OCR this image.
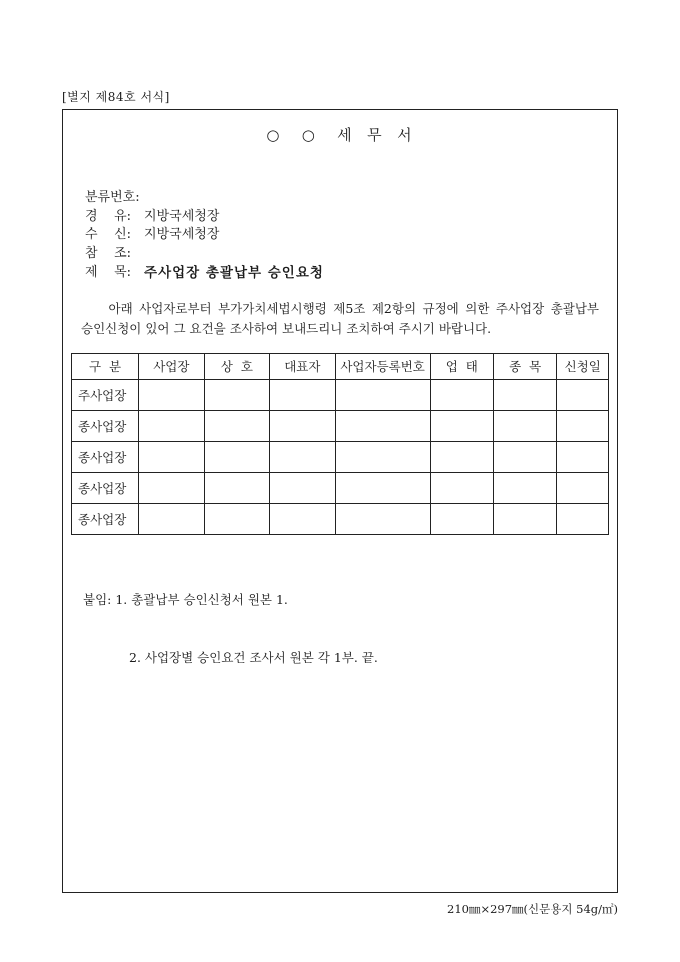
[별지 제84호 서식]
○   ○   세  무  서
분류번호:
경    유: 지방국세청장
수    신: 지방국세청장
참    조:
제    목: 주사업장 총괄납부 승인요청

아래 사업자로부터 부가가치세법시행령 제5조 제2항의 규정에 의한 주사업장 총괄납부 승인신청이 있어 그 요건을 조사하여 보내드리니 조치하여 주시기 바랍니다.

구  분	사업장	상  호	대표자	사업자등록번호	업  태	종  목	신청일
주사업장							
종사업장							
종사업장							
종사업장							
종사업장							

붙임: 1. 총괄납부 승인신청서 원본 1.

2. 사업장별 승인요건 조사서 원본 각 1부. 끝.

210㎜×297㎜(신문용지 54g/㎡)
